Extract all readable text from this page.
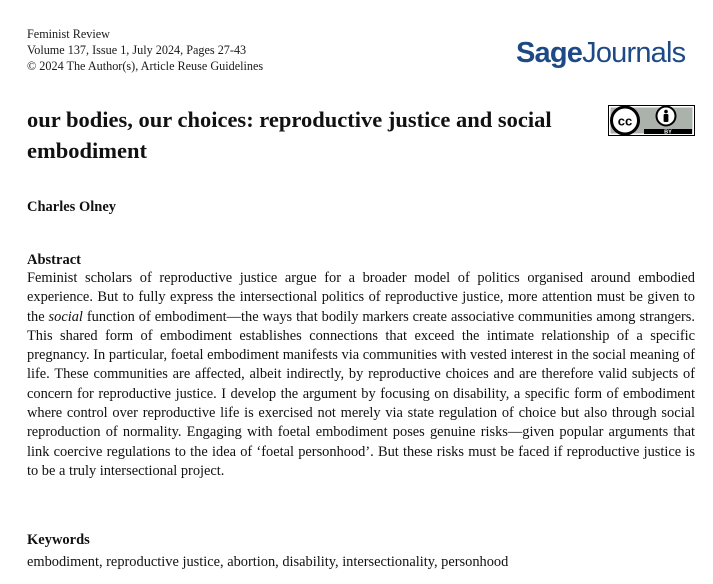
Feminist Review
Volume 137, Issue 1, July 2024, Pages 27-43
© 2024 The Author(s), Article Reuse Guidelines	SageJournals
our bodies, our choices: reproductive justice and social embodiment
cc
BY
Charles Olney
Abstract

Feminist scholars of reproductive justice argue for a broader model of politics organised around embodied experience. But to fully express the intersectional politics of reproductive justice, more attention must be given to the social function of embodiment—the ways that bodily markers create associative communities among strangers. This shared form of embodiment establishes connections that exceed the intimate relationship of a specific pregnancy. In particular, foetal embodiment manifests via communities with vested interest in the social meaning of life. These communities are affected, albeit indirectly, by reproductive choices and are therefore valid subjects of concern for reproductive justice. I develop the argument by focusing on disability, a specific form of embodiment where control over reproductive life is exercised not merely via state regulation of choice but also through social reproduction of normality. Engaging with foetal embodiment poses genuine risks—given popular arguments that link coercive regulations to the idea of ‘foetal personhood’. But these risks must be faced if reproductive justice is to be a truly intersectional project.

Keywords
embodiment, reproductive justice, abortion, disability, intersectionality, personhood
